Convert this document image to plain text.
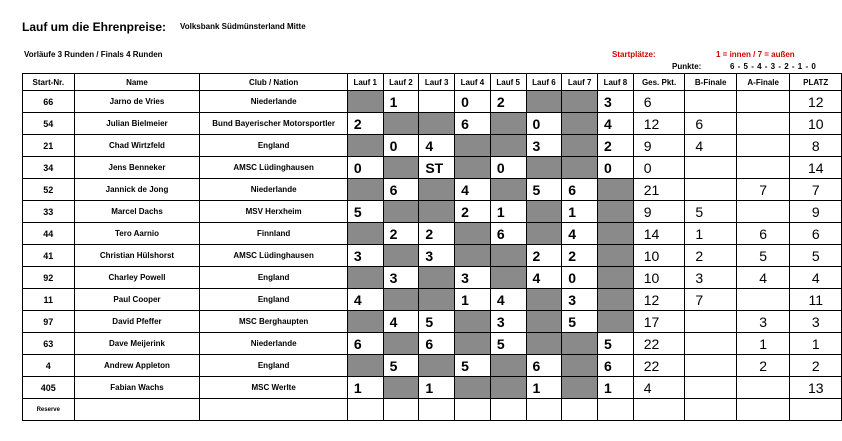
Lauf um die Ehrenpreise: Volksbank Südmünsterland Mitte
Vorläufe 3 Runden / Finals 4 Runden	Startplätze:	1 = innen / 7 = außen
Punkte:	6 - 5 - 4 - 3 - 2 - 1 - 0
Start-Nr.	Name	Club / Nation	Lauf 1	Lauf 2	Lauf 3	Lauf 4	Lauf 5	Lauf 6	Lauf 7	Lauf 8	Ges. Pkt.	B-Finale	A-Finale	PLATZ
66	Jarno de Vries	Niederlande		1		0	2			3	6			12
54	Julian Bielmeier	Bund Bayerischer Motorsportler	2			6		0		4	12	6		10
21	Chad Wirtzfeld	England		0	4			3		2	9	4		8
34	Jens Benneker	AMSC Lüdinghausen	0		ST		0			0	0			14
52	Jannick de Jong	Niederlande		6		4		5	6		21		7	7
33	Marcel Dachs	MSV Herxheim	5			2	1		1		9	5		9
44	Tero Aarnio	Finnland		2	2		6		4		14	1	6	6
41	Christian Hülshorst	AMSC Lüdinghausen	3		3			2	2		10	2	5	5
92	Charley Powell	England		3		3		4	0		10	3	4	4
11	Paul Cooper	England	4			1	4		3		12	7		11
97	David Pfeffer	MSC Berghaupten		4	5		3		5		17		3	3
63	Dave Meijerink	Niederlande	6		6		5			5	22		1	1
4	Andrew Appleton	England		5		5		6		6	22		2	2
405	Fabian Wachs	MSC Werlte	1		1			1		1	4			13
Reserve														
